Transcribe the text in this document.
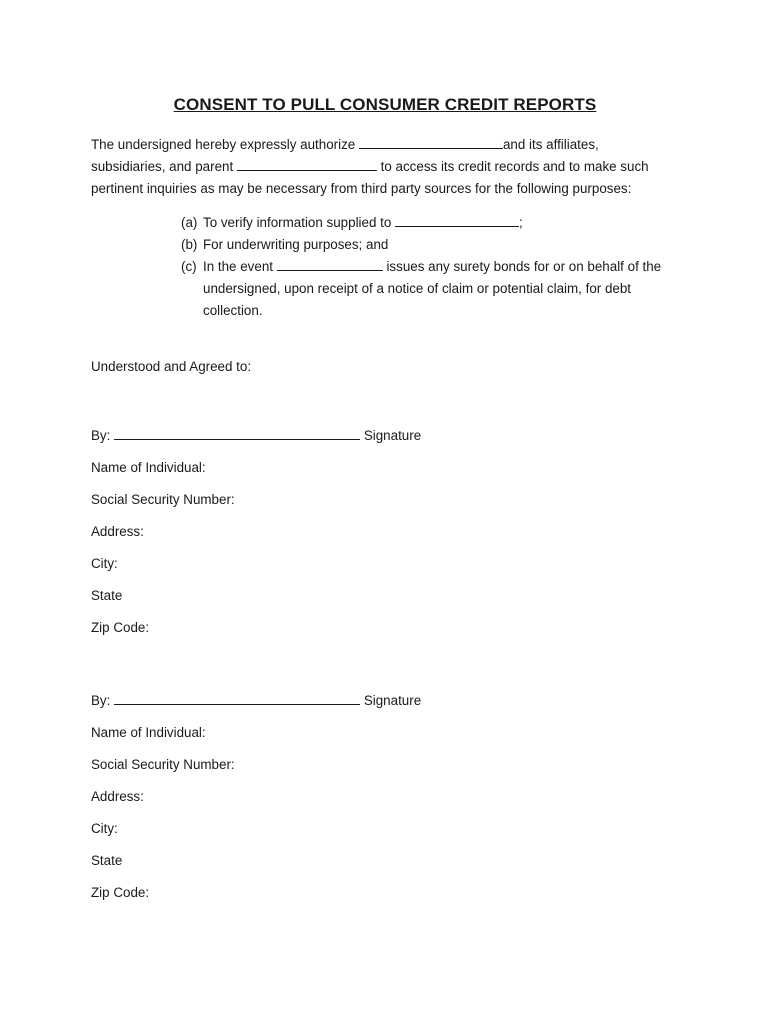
CONSENT TO PULL CONSUMER CREDIT REPORTS
The undersigned hereby expressly authorize	and its affiliates,
subsidiaries, and parent	to access its credit records and to make such
pertinent inquiries as may be necessary from third party sources for the following purposes:
(a) To verify information supplied to	;
(b) For underwriting purposes; and
(c) In the event	issues any surety bonds for or on behalf of the
undersigned, upon receipt of a notice of claim or potential claim, for debt
collection.
Understood and Agreed to:
By:	Signature
Name of Individual:
Social Security Number:
Address:
City:
State
Zip Code:
By:	Signature
Name of Individual:
Social Security Number:
Address:
City:
State
Zip Code:
